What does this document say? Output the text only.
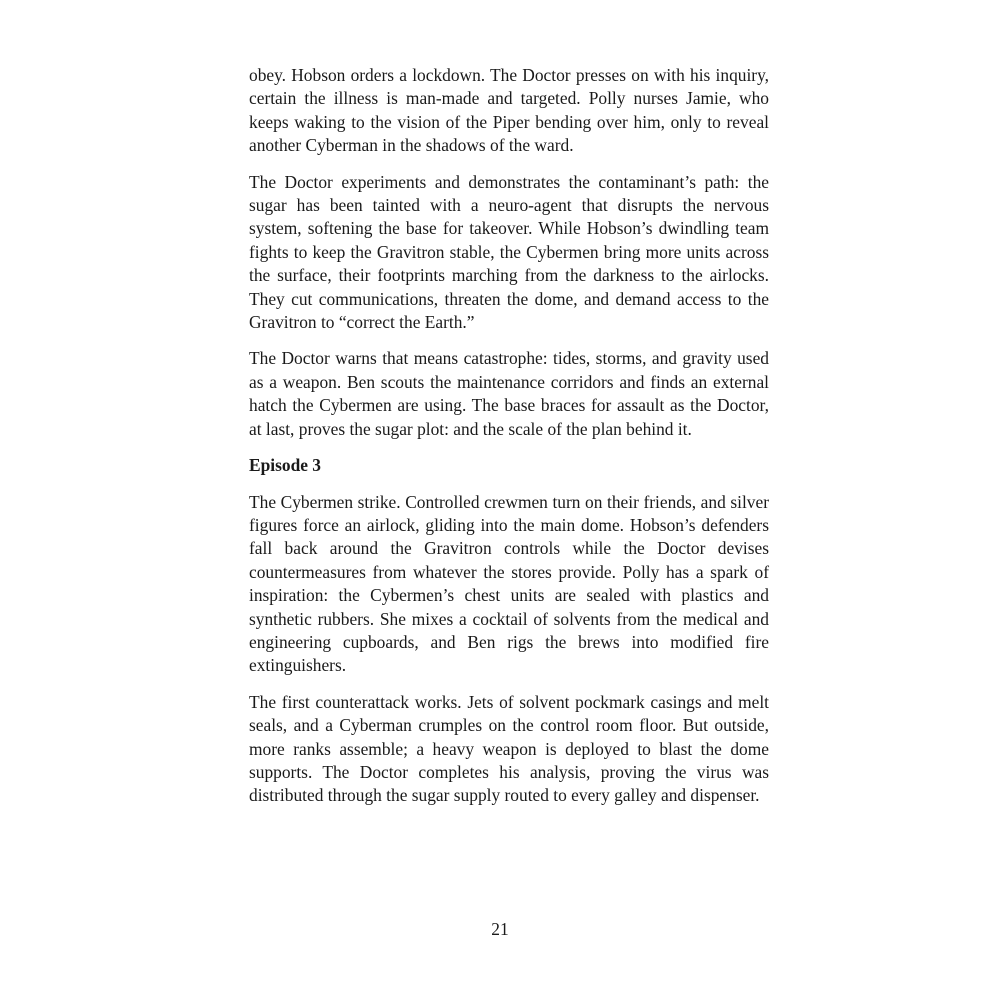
obey. Hobson orders a lockdown. The Doctor presses on with his inquiry, certain the illness is man-made and targeted. Polly nurses Jamie, who keeps waking to the vision of the Piper bending over him, only to reveal another Cyberman in the shadows of the ward.

The Doctor experiments and demonstrates the contaminant’s path: the sugar has been tainted with a neuro-agent that disrupts the nervous system, softening the base for takeover. While Hobson’s dwindling team fights to keep the Gravitron stable, the Cybermen bring more units across the surface, their footprints marching from the darkness to the airlocks. They cut communications, threaten the dome, and demand access to the Gravitron to “correct the Earth.”

The Doctor warns that means catastrophe: tides, storms, and gravity used as a weapon. Ben scouts the maintenance corridors and finds an external hatch the Cybermen are using. The base braces for assault as the Doctor, at last, proves the sugar plot: and the scale of the plan behind it.

Episode 3

The Cybermen strike. Controlled crewmen turn on their friends, and silver figures force an airlock, gliding into the main dome. Hobson’s defenders fall back around the Gravitron controls while the Doctor devises countermeasures from whatever the stores provide. Polly has a spark of inspiration: the Cybermen’s chest units are sealed with plastics and synthetic rubbers. She mixes a cocktail of solvents from the medical and engineering cupboards, and Ben rigs the brews into modified fire extinguishers.

The first counterattack works. Jets of solvent pockmark casings and melt seals, and a Cyberman crumples on the control room floor. But outside, more ranks assemble; a heavy weapon is deployed to blast the dome supports. The Doctor completes his analysis, proving the virus was distributed through the sugar supply routed to every galley and dispenser.

21
